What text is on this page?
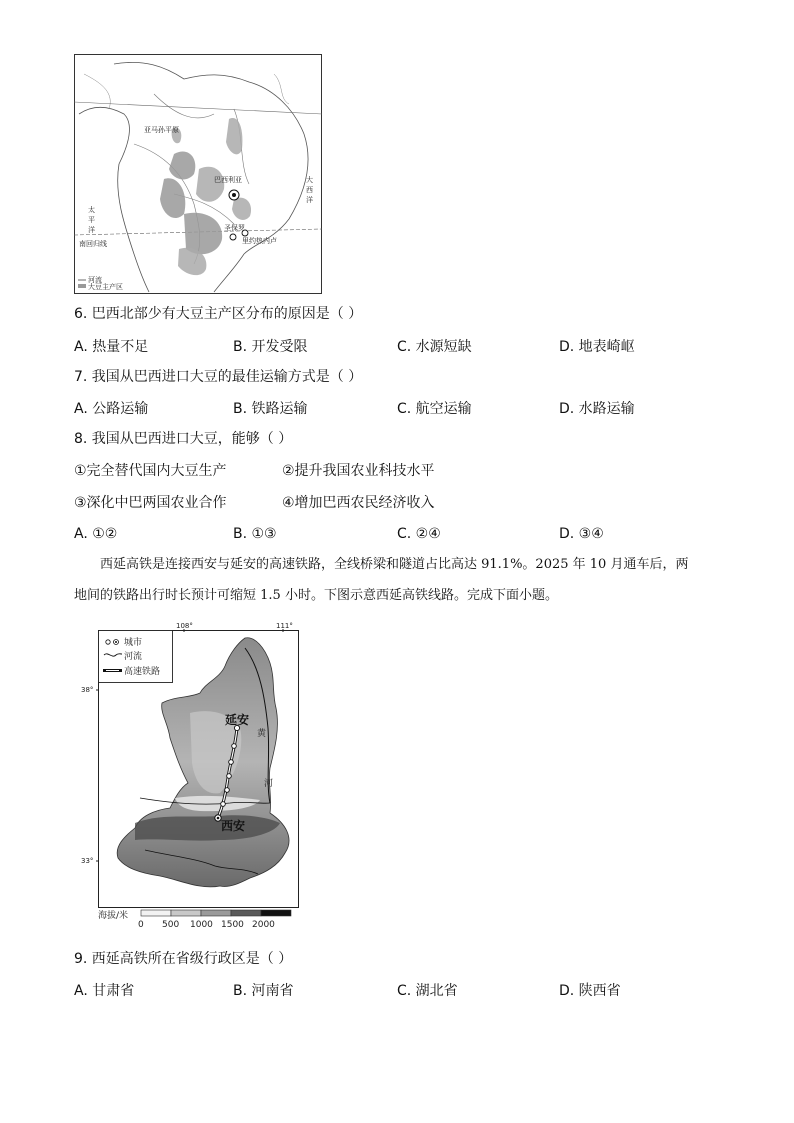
亚马孙平原
巴西利亚
圣保罗
里约热内卢
南回归线
大
西
洋
太
平
洋
河流
大豆主产区
6. 巴西北部少有大豆主产区分布的原因是（ ）
A. 热量不足	B. 开发受限	C. 水源短缺	D. 地表崎岖
7. 我国从巴西进口大豆的最佳运输方式是（ ）
A. 公路运输	B. 铁路运输	C. 航空运输	D. 水路运输
8. 我国从巴西进口大豆，能够（ ）
①完全替代国内大豆生产	②提升我国农业科技水平
③深化中巴两国农业合作	④增加巴西农民经济收入
A. ①②	B. ①③	C. ②④	D. ③④
西延高铁是连接西安与延安的高速铁路，全线桥梁和隧道占比高达 91.1%。2025 年 10 月通车后，两
地间的铁路出行时长预计可缩短 1.5 小时。下图示意西延高铁线路。完成下面小题。
108°	111°
38°
33°
延安
西安
黄
河
城市
河流
高速铁路
海拔/米
0 500 1000 1500 2000
9. 西延高铁所在省级行政区是（ ）
A. 甘肃省	B. 河南省	C. 湖北省	D. 陕西省
